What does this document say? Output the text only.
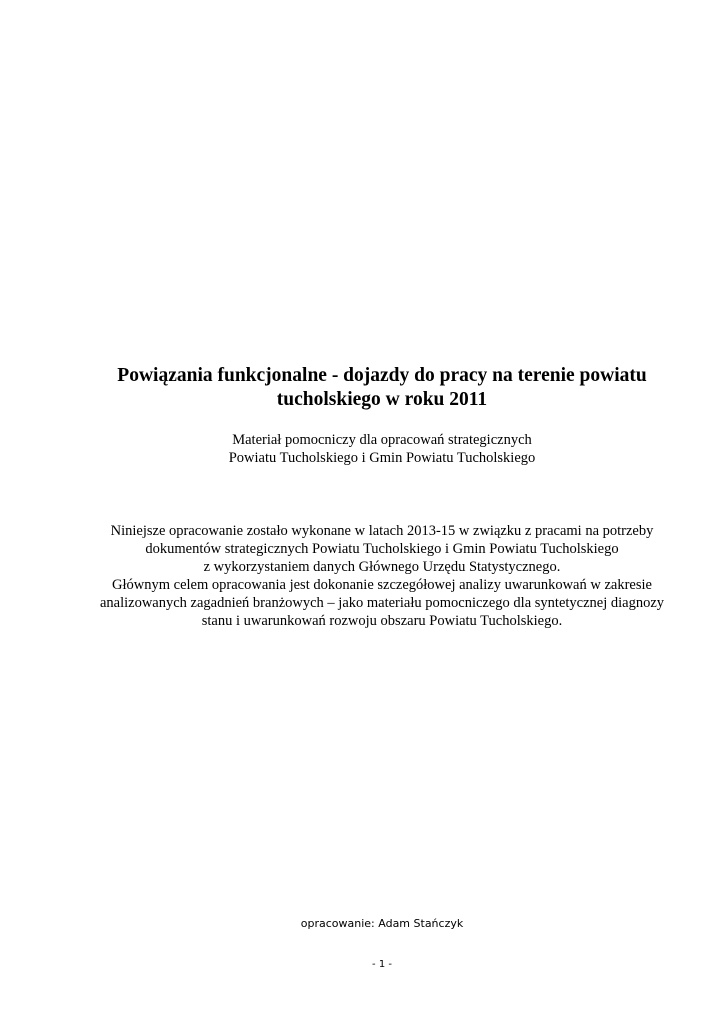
Powiązania funkcjonalne - dojazdy do pracy na terenie powiatu
tucholskiego w roku 2011

Materiał pomocniczy dla opracowań strategicznych
Powiatu Tucholskiego i Gmin Powiatu Tucholskiego

Niniejsze opracowanie zostało wykonane w latach 2013-15 w związku z pracami na potrzeby
dokumentów strategicznych Powiatu Tucholskiego i Gmin Powiatu Tucholskiego
z wykorzystaniem danych Głównego Urzędu Statystycznego.
Głównym celem opracowania jest dokonanie szczegółowej analizy uwarunkowań w zakresie
analizowanych zagadnień branżowych – jako materiału pomocniczego dla syntetycznej diagnozy
stanu i uwarunkowań rozwoju obszaru Powiatu Tucholskiego.

opracowanie: Adam Stańczyk

- 1 -
